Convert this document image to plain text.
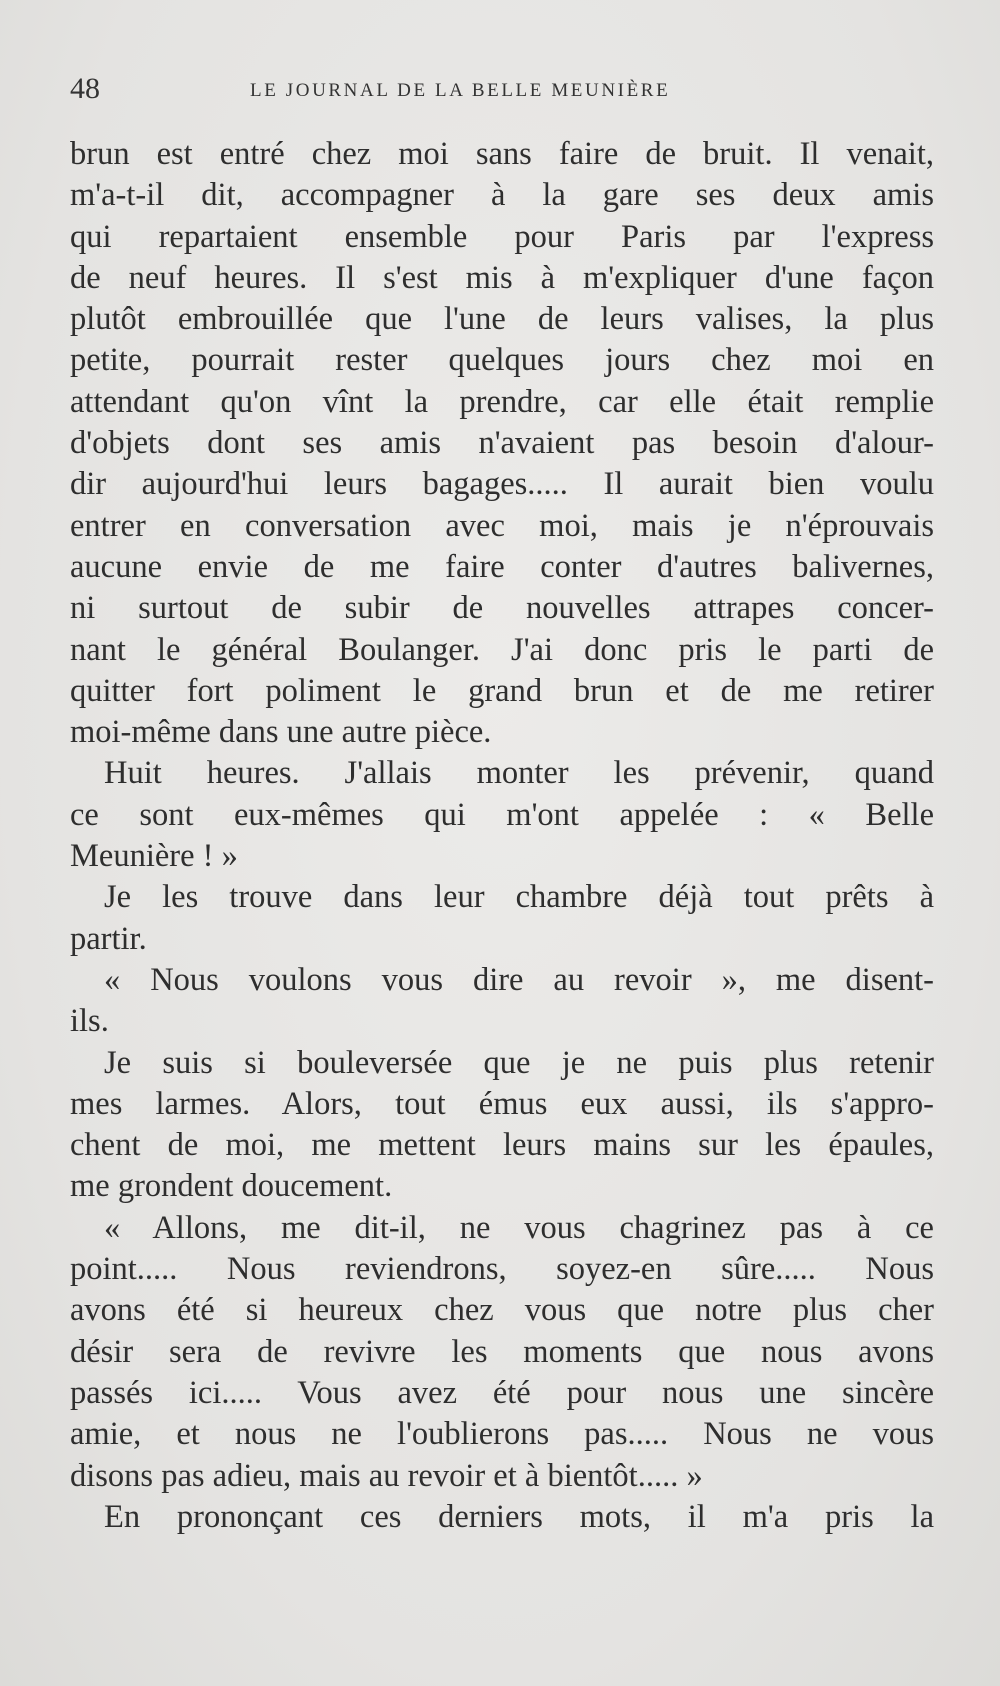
48	LE JOURNAL DE LA BELLE MEUNIÈRE
brun est entré chez moi sans faire de bruit. Il venait,
m'a-t-il dit, accompagner à la gare ses deux amis
qui repartaient ensemble pour Paris par l'express
de neuf heures. Il s'est mis à m'expliquer d'une façon
plutôt embrouillée que l'une de leurs valises, la plus
petite, pourrait rester quelques jours chez moi en
attendant qu'on vînt la prendre, car elle était remplie
d'objets dont ses amis n'avaient pas besoin d'alour-
dir aujourd'hui leurs bagages..... Il aurait bien voulu
entrer en conversation avec moi, mais je n'éprouvais
aucune envie de me faire conter d'autres balivernes,
ni surtout de subir de nouvelles attrapes concer-
nant le général Boulanger. J'ai donc pris le parti de
quitter fort poliment le grand brun et de me retirer
moi-même dans une autre pièce.
Huit heures. J'allais monter les prévenir, quand
ce sont eux-mêmes qui m'ont appelée : « Belle
Meunière ! »
Je les trouve dans leur chambre déjà tout prêts à
partir.
« Nous voulons vous dire au revoir », me disent-
ils.
Je suis si bouleversée que je ne puis plus retenir
mes larmes. Alors, tout émus eux aussi, ils s'appro-
chent de moi, me mettent leurs mains sur les épaules,
me grondent doucement.
« Allons, me dit-il, ne vous chagrinez pas à ce
point..... Nous reviendrons, soyez-en sûre..... Nous
avons été si heureux chez vous que notre plus cher
désir sera de revivre les moments que nous avons
passés ici..... Vous avez été pour nous une sincère
amie, et nous ne l'oublierons pas..... Nous ne vous
disons pas adieu, mais au revoir et à bientôt..... »
En prononçant ces derniers mots, il m'a pris la
